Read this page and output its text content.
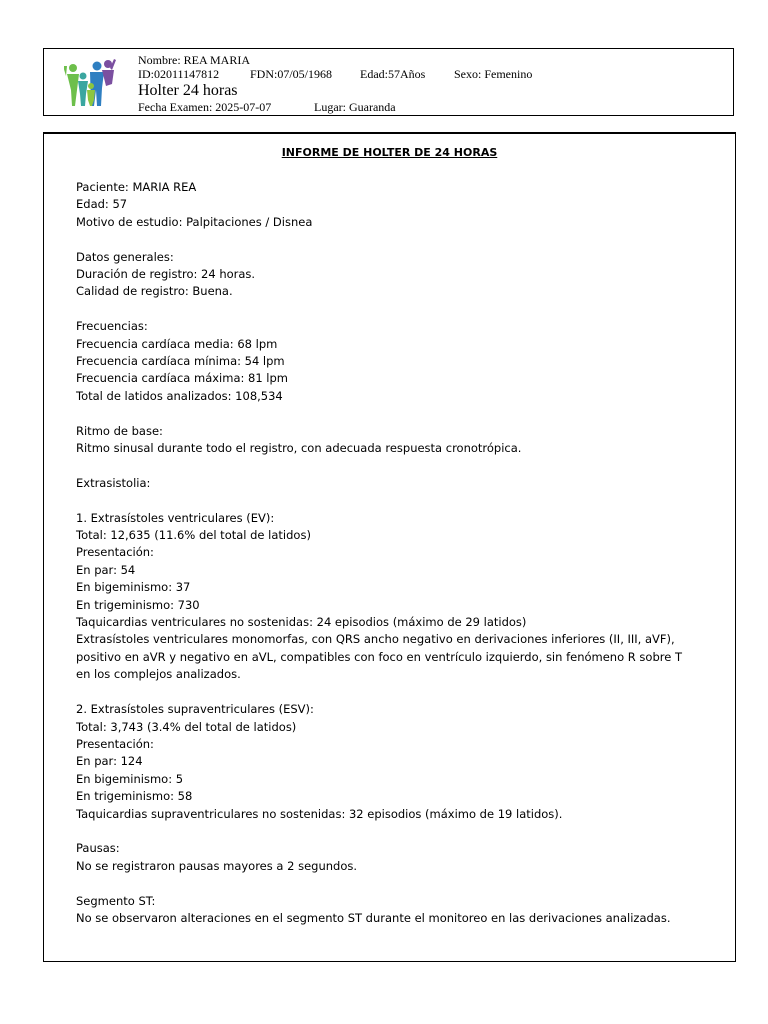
Nombre: REA MARIA
ID:02011147812	FDN:07/05/1968 Edad:57Años Sexo: Femenino
Holter 24 horas
Fecha Examen: 2025-07-07	Lugar: Guaranda
INFORME DE HOLTER DE 24 HORAS

Paciente: MARIA REA

Edad: 57

Motivo de estudio: Palpitaciones / Disnea

Datos generales:

Duración de registro: 24 horas.

Calidad de registro: Buena.

Frecuencias:

Frecuencia cardíaca media: 68 lpm

Frecuencia cardíaca mínima: 54 lpm

Frecuencia cardíaca máxima: 81 lpm

Total de latidos analizados: 108,534

Ritmo de base:

Ritmo sinusal durante todo el registro, con adecuada respuesta cronotrópica.

Extrasistolia:

1. Extrasístoles ventriculares (EV):

Total: 12,635 (11.6% del total de latidos)

Presentación:

En par: 54

En bigeminismo: 37

En trigeminismo: 730

Taquicardias ventriculares no sostenidas: 24 episodios (máximo de 29 latidos)

Extrasístoles ventriculares monomorfas, con QRS ancho negativo en derivaciones inferiores (II, III, aVF),

positivo en aVR y negativo en aVL, compatibles con foco en ventrículo izquierdo, sin fenómeno R sobre T

en los complejos analizados.

2. Extrasístoles supraventriculares (ESV):

Total: 3,743 (3.4% del total de latidos)

Presentación:

En par: 124

En bigeminismo: 5

En trigeminismo: 58

Taquicardias supraventriculares no sostenidas: 32 episodios (máximo de 19 latidos).

Pausas:

No se registraron pausas mayores a 2 segundos.

Segmento ST:

No se observaron alteraciones en el segmento ST durante el monitoreo en las derivaciones analizadas.
